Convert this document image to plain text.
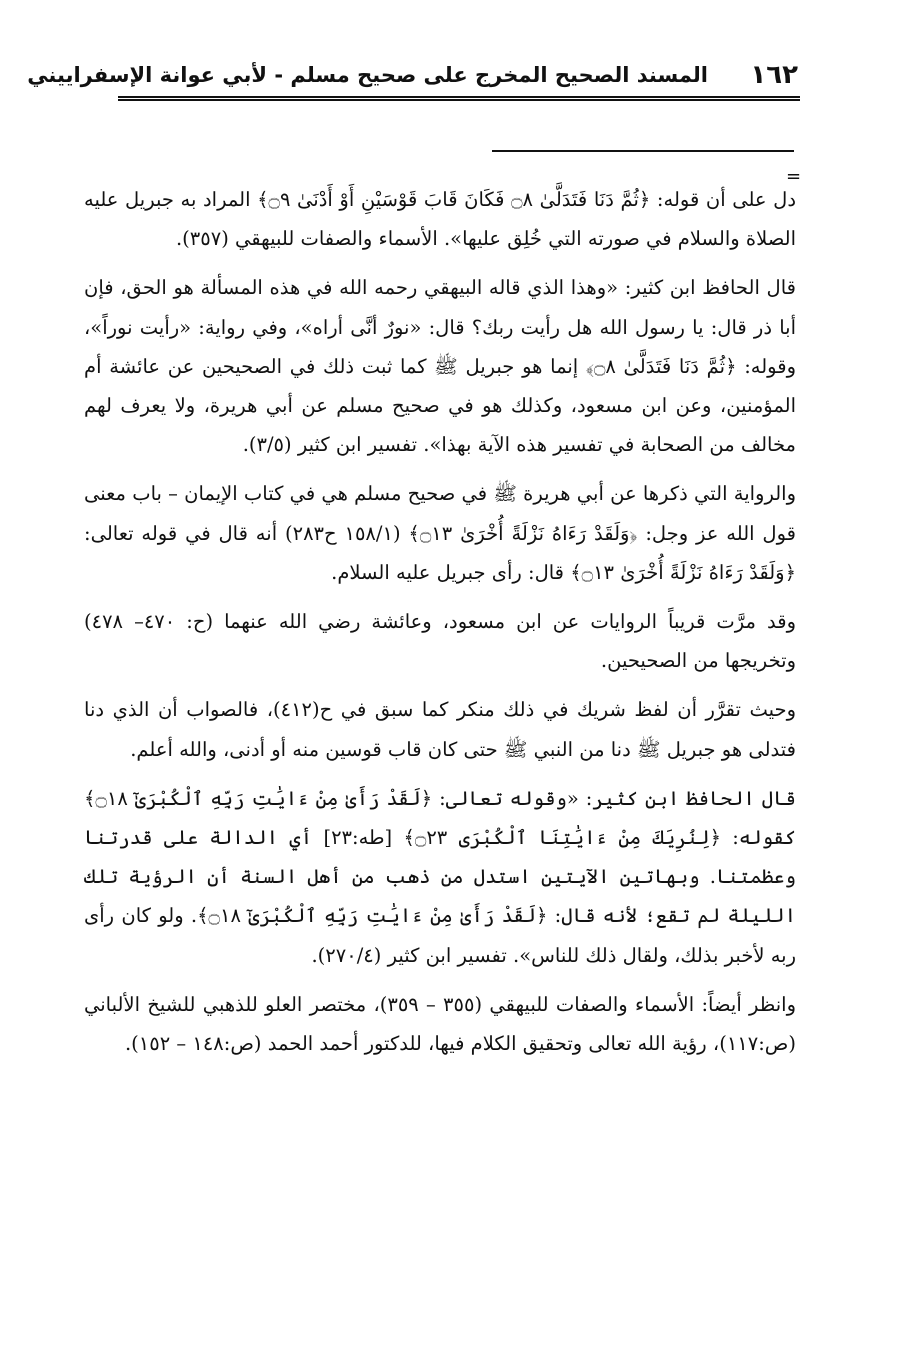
١٦٢
المسند الصحيح المخرج على صحيح مسلم - لأبي عوانة الإسفراييني
=

دل على أن قوله: ﴿ثُمَّ دَنَا فَتَدَلَّىٰ ۝٨ فَكَانَ قَابَ قَوْسَيْنِ أَوْ أَدْنَىٰ ۝٩﴾ المراد به جبريل عليه الصلاة والسلام في صورته التي خُلِق عليها». الأسماء والصفات للبيهقي (٣٥٧).

قال الحافظ ابن كثير: «وهذا الذي قاله البيهقي رحمه الله في هذه المسألة هو الحق، فإن أبا ذر قال: يا رسول الله هل رأيت ربك؟ قال: «نورٌ أنَّى أراه»، وفي رواية: «رأيت نوراً»، وقوله: ﴿ثُمَّ دَنَا فَتَدَلَّىٰ ۝٨﴾ إنما هو جبريل ﷺ كما ثبت ذلك في الصحيحين عن عائشة أم المؤمنين، وعن ابن مسعود، وكذلك هو في صحيح مسلم عن أبي هريرة، ولا يعرف لهم مخالف من الصحابة في تفسير هذه الآية بهذا». تفسير ابن كثير (٣/٥).

والرواية التي ذكرها عن أبي هريرة ﷺ في صحيح مسلم هي في كتاب الإيمان – باب معنى قول الله عز وجل: ﴿وَلَقَدْ رَءَاهُ نَزْلَةً أُخْرَىٰ ۝١٣﴾ (١٥٨/١ ح٢٨٣) أنه قال في قوله تعالى: ﴿وَلَقَدْ رَءَاهُ نَزْلَةً أُخْرَىٰ ۝١٣﴾ قال: رأى جبريل عليه السلام.

وقد مرَّت قريباً الروايات عن ابن مسعود، وعائشة رضي الله عنهما (ح: ٤٧٠– ٤٧٨) وتخريجها من الصحيحين.

وحيث تقرَّر أن لفظ شريك في ذلك منكر كما سبق في ح(٤١٢)، فالصواب أن الذي دنا فتدلى هو جبريل ﷺ دنا من النبي ﷺ حتى كان قاب قوسين منه أو أدنى، والله أعلم.

قال الحافظ ابن كثير: «وقوله تعالى: ﴿لَقَدْ رَأَىٰ مِنْ ءَايَٰتِ رَبِّهِ ٱلْكُبْرَىٰٓ ۝١٨﴾ كقوله: ﴿لِنُرِيَكَ مِنْ ءَايَٰتِنَا ٱلْكُبْرَى ۝٢٣﴾ [طه:٢٣] أي الدالة على قدرتنا وعظمتنا. وبهاتين الآيتين استدل من ذهب من أهل السنة أن الرؤية تلك الليلة لم تقع؛ لأنه قال: ﴿لَقَدْ رَأَىٰ مِنْ ءَايَٰتِ رَبِّهِ ٱلْكُبْرَىٰٓ ۝١٨﴾. ولو كان رأى ربه لأخبر بذلك، ولقال ذلك للناس». تفسير ابن كثير (٢٧٠/٤).

وانظر أيضاً: الأسماء والصفات للبيهقي (٣٥٥ – ٣٥٩)، مختصر العلو للذهبي للشيخ الألباني (ص:١١٧)، رؤية الله تعالى وتحقيق الكلام فيها، للدكتور أحمد الحمد (ص:١٤٨ – ١٥٢).
